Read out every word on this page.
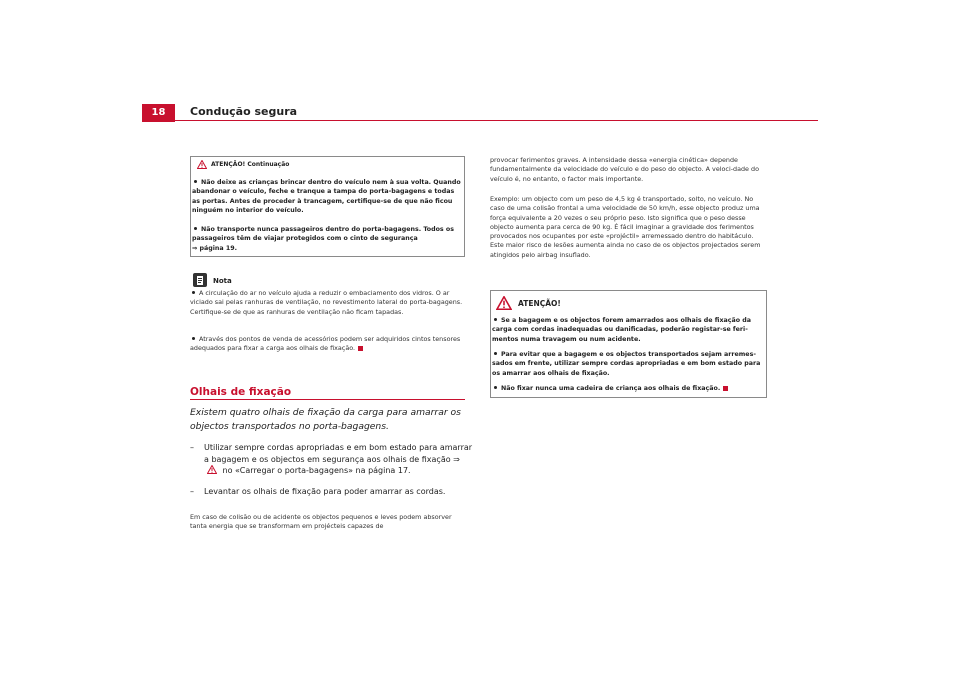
18	Condução segura
ATENÇÃO! Continuação
Não deixe as crianças brincar dentro do veículo nem à sua volta. Quando abandonar o veículo, feche e tranque a tampa do porta-bagagens e todas as portas. Antes de proceder à trancagem, certifique-se de que não ficou ninguém no interior do veículo.
Não transporte nunca passageiros dentro do porta-bagagens. Todos os passageiros têm de viajar protegidos com o cinto de segurança
⇒ página 19.
Nota
A circulação do ar no veículo ajuda a reduzir o embaciamento dos vidros. O ar viciado sai pelas ranhuras de ventilação, no revestimento lateral do porta-bagagens. Certifique-se de que as ranhuras de ventilação não ficam tapadas.
Através dos pontos de venda de acessórios podem ser adquiridos cintos tensores adequados para fixar a carga aos olhais de fixação.
Olhais de fixação
Existem quatro olhais de fixação da carga para amarrar os objectos transportados no porta-bagagens.
– Utilizar sempre cordas apropriadas e em bom estado para amarrar a bagagem e os objectos em segurança aos olhais de fixação ⇒  no «Carregar o porta-bagagens» na página 17.
– Levantar os olhais de fixação para poder amarrar as cordas.
Em caso de colisão ou de acidente os objectos pequenos e leves podem absorver tanta energia que se transformam em projécteis capazes de
provocar ferimentos graves. A intensidade dessa «energia cinética» depende fundamentalmente da velocidade do veículo e do peso do objecto. A veloci-dade do veículo é, no entanto, o factor mais importante.
Exemplo: um objecto com um peso de 4,5 kg é transportado, solto, no veículo. No caso de uma colisão frontal a uma velocidade de 50 km/h, esse objecto produz uma força equivalente a 20 vezes o seu próprio peso. Isto significa que o peso desse objecto aumenta para cerca de 90 kg. É fácil imaginar a gravidade dos ferimentos provocados nos ocupantes por este «projéctil» arremessado dentro do habitáculo. Este maior risco de lesões aumenta ainda no caso de os objectos projectados serem atingidos pelo airbag insuflado.
ATENÇÃO!
Se a bagagem e os objectos forem amarrados aos olhais de fixação da carga com cordas inadequadas ou danificadas, poderão registar-se feri-mentos numa travagem ou num acidente.
Para evitar que a bagagem e os objectos transportados sejam arremes-sados em frente, utilizar sempre cordas apropriadas e em bom estado para os amarrar aos olhais de fixação.
Não fixar nunca uma cadeira de criança aos olhais de fixação.
